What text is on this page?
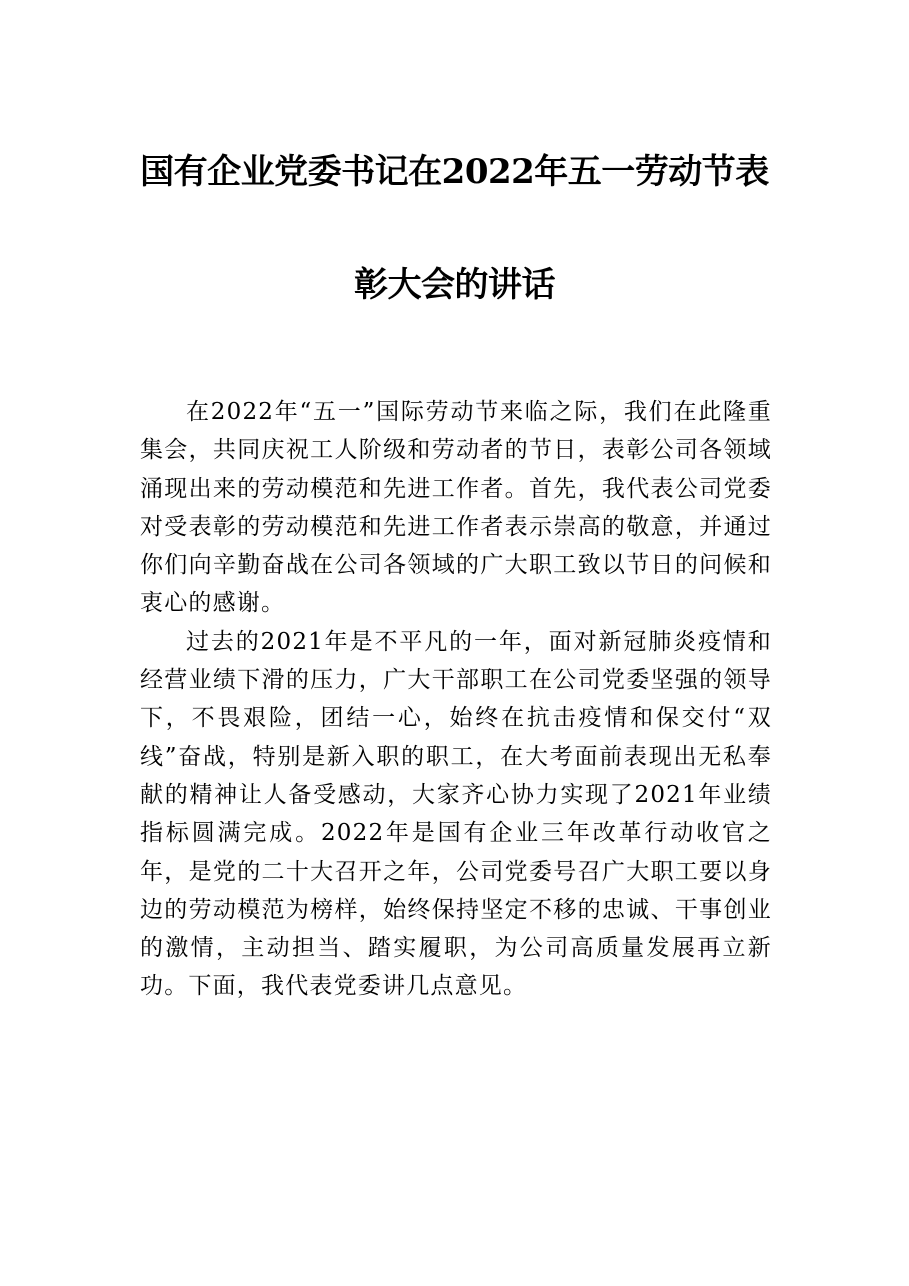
国有企业党委书记在2022年五一劳动节表
彰大会的讲话

在2022年“五一”国际劳动节来临之际，我们在此隆重集会，共同庆祝工人阶级和劳动者的节日，表彰公司各领域涌现出来的劳动模范和先进工作者。首先，我代表公司党委对受表彰的劳动模范和先进工作者表示崇高的敬意，并通过你们向辛勤奋战在公司各领域的广大职工致以节日的问候和衷心的感谢。

过去的2021年是不平凡的一年，面对新冠肺炎疫情和经营业绩下滑的压力，广大干部职工在公司党委坚强的领导下，不畏艰险，团结一心，始终在抗击疫情和保交付“双线”奋战，特别是新入职的职工，在大考面前表现出无私奉献的精神让人备受感动，大家齐心协力实现了2021年业绩指标圆满完成。2022年是国有企业三年改革行动收官之年，是党的二十大召开之年，公司党委号召广大职工要以身边的劳动模范为榜样，始终保持坚定不移的忠诚、干事创业的激情，主动担当、踏实履职，为公司高质量发展再立新功。下面，我代表党委讲几点意见。
